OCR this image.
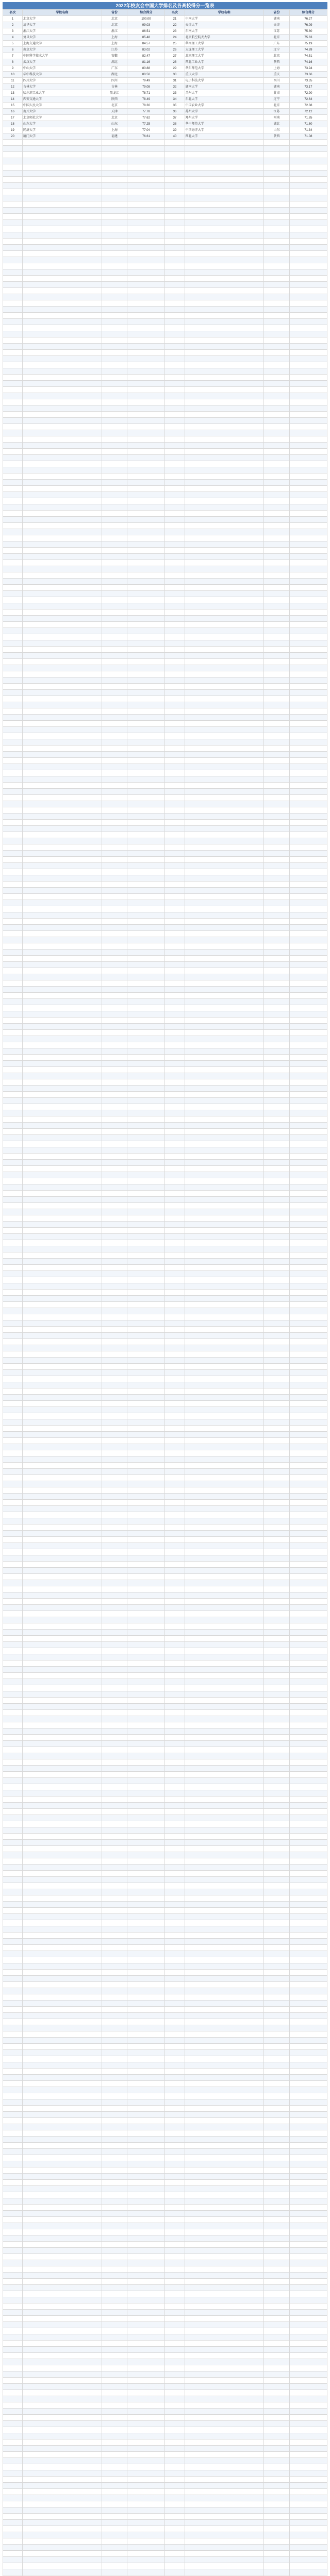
2022年校友会中国大学排名及各高校得分一览表
名次	学校名称	省份	综合得分	名次	学校名称	省份	综合得分
1	北京大学	北京	100.00	21	中南大学	湖南	76.27
2	清华大学	北京	99.03	22	天津大学	天津	76.09
3	浙江大学	浙江	86.51	23	东南大学	江苏	75.80
4	复旦大学	上海	85.48	24	北京航空航天大学	北京	75.63
5	上海交通大学	上海	84.57	25	华南理工大学	广东	75.19
6	南京大学	江苏	83.02	26	大连理工大学	辽宁	74.89
7	中国科学技术大学	安徽	82.47	27	北京理工大学	北京	74.51
8	武汉大学	湖北	81.16	28	西北工业大学	陕西	74.16
9	中山大学	广东	80.88	29	华东师范大学	上海	73.94
10	华中科技大学	湖北	80.50	30	重庆大学	重庆	73.66
11	四川大学	四川	79.49	31	电子科技大学	四川	73.35
12	吉林大学	吉林	79.08	32	湖南大学	湖南	73.17
13	哈尔滨工业大学	黑龙江	78.71	33	兰州大学	甘肃	72.90
14	西安交通大学	陕西	78.49	34	东北大学	辽宁	72.64
15	中国人民大学	北京	78.30	35	中国农业大学	北京	72.38
16	南开大学	天津	77.78	36	苏州大学	江苏	72.12
17	北京师范大学	北京	77.62	37	郑州大学	河南	71.85
18	山东大学	山东	77.25	38	华中师范大学	湖北	71.60
19	同济大学	上海	77.04	39	中国海洋大学	山东	71.34
20	厦门大学	福建	76.61	40	西北大学	陕西	71.08
